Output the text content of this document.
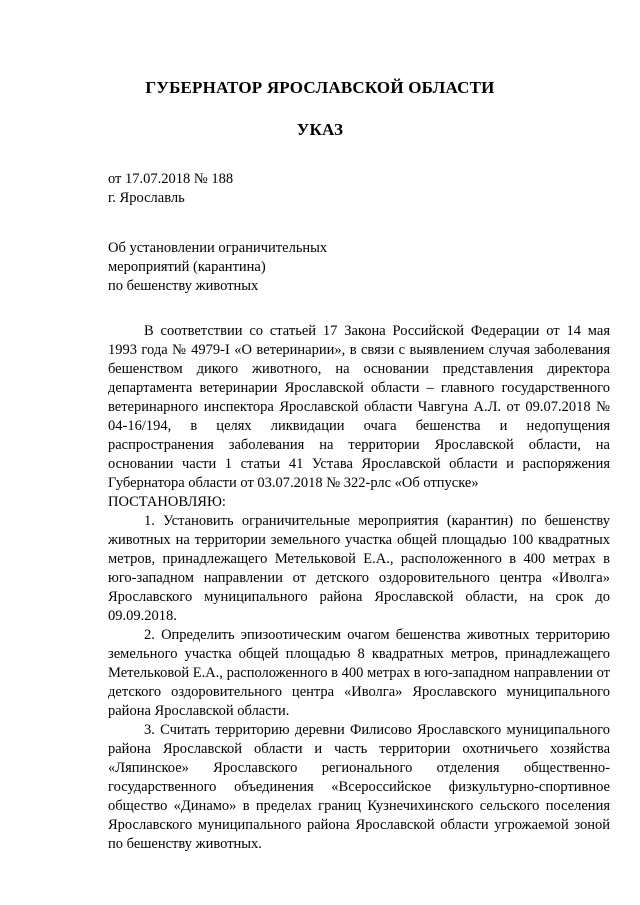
ГУБЕРНАТОР ЯРОСЛАВСКОЙ ОБЛАСТИ
УКАЗ
от 17.07.2018 № 188
г. Ярославль
Об установлении ограничительных
мероприятий (карантина)
по бешенству животных

В соответствии со статьей 17 Закона Российской Федерации от 14 мая 1993 года № 4979-I «О ветеринарии», в связи с выявлением случая заболевания бешенством дикого животного, на основании представления директора департамента ветеринарии Ярославской области – главного государственного ветеринарного инспектора Ярославской области Чавгуна А.Л. от 09.07.2018 № 04-16/194, в целях ликвидации очага бешенства и недопущения распространения заболевания на территории Ярославской области, на основании части 1 статьи 41 Устава Ярославской области и распоряжения Губернатора области от 03.07.2018 № 322-рлс «Об отпуске»

ПОСТАНОВЛЯЮ:

1. Установить ограничительные мероприятия (карантин) по бешенству животных на территории земельного участка общей площадью 100 квадратных метров, принадлежащего Метельковой Е.А., расположенного в 400 метрах в юго-западном направлении от детского оздоровительного центра «Иволга» Ярославского муниципального района Ярославской области, на срок до 09.09.2018.

2. Определить эпизоотическим очагом бешенства животных территорию земельного участка общей площадью 8 квадратных метров, принадлежащего Метельковой Е.А., расположенного в 400 метрах в юго-западном направлении от детского оздоровительного центра «Иволга» Ярославского муниципального района Ярославской области.

3. Считать территорию деревни Филисово Ярославского муниципального района Ярославской области и часть территории охотничьего хозяйства «Ляпинское» Ярославского регионального отделения общественно-государственного объединения «Всероссийское физкультурно-спортивное общество «Динамо» в пределах границ Кузнечихинского сельского поселения Ярославского муниципального района Ярославской области угрожаемой зоной по бешенству животных.
